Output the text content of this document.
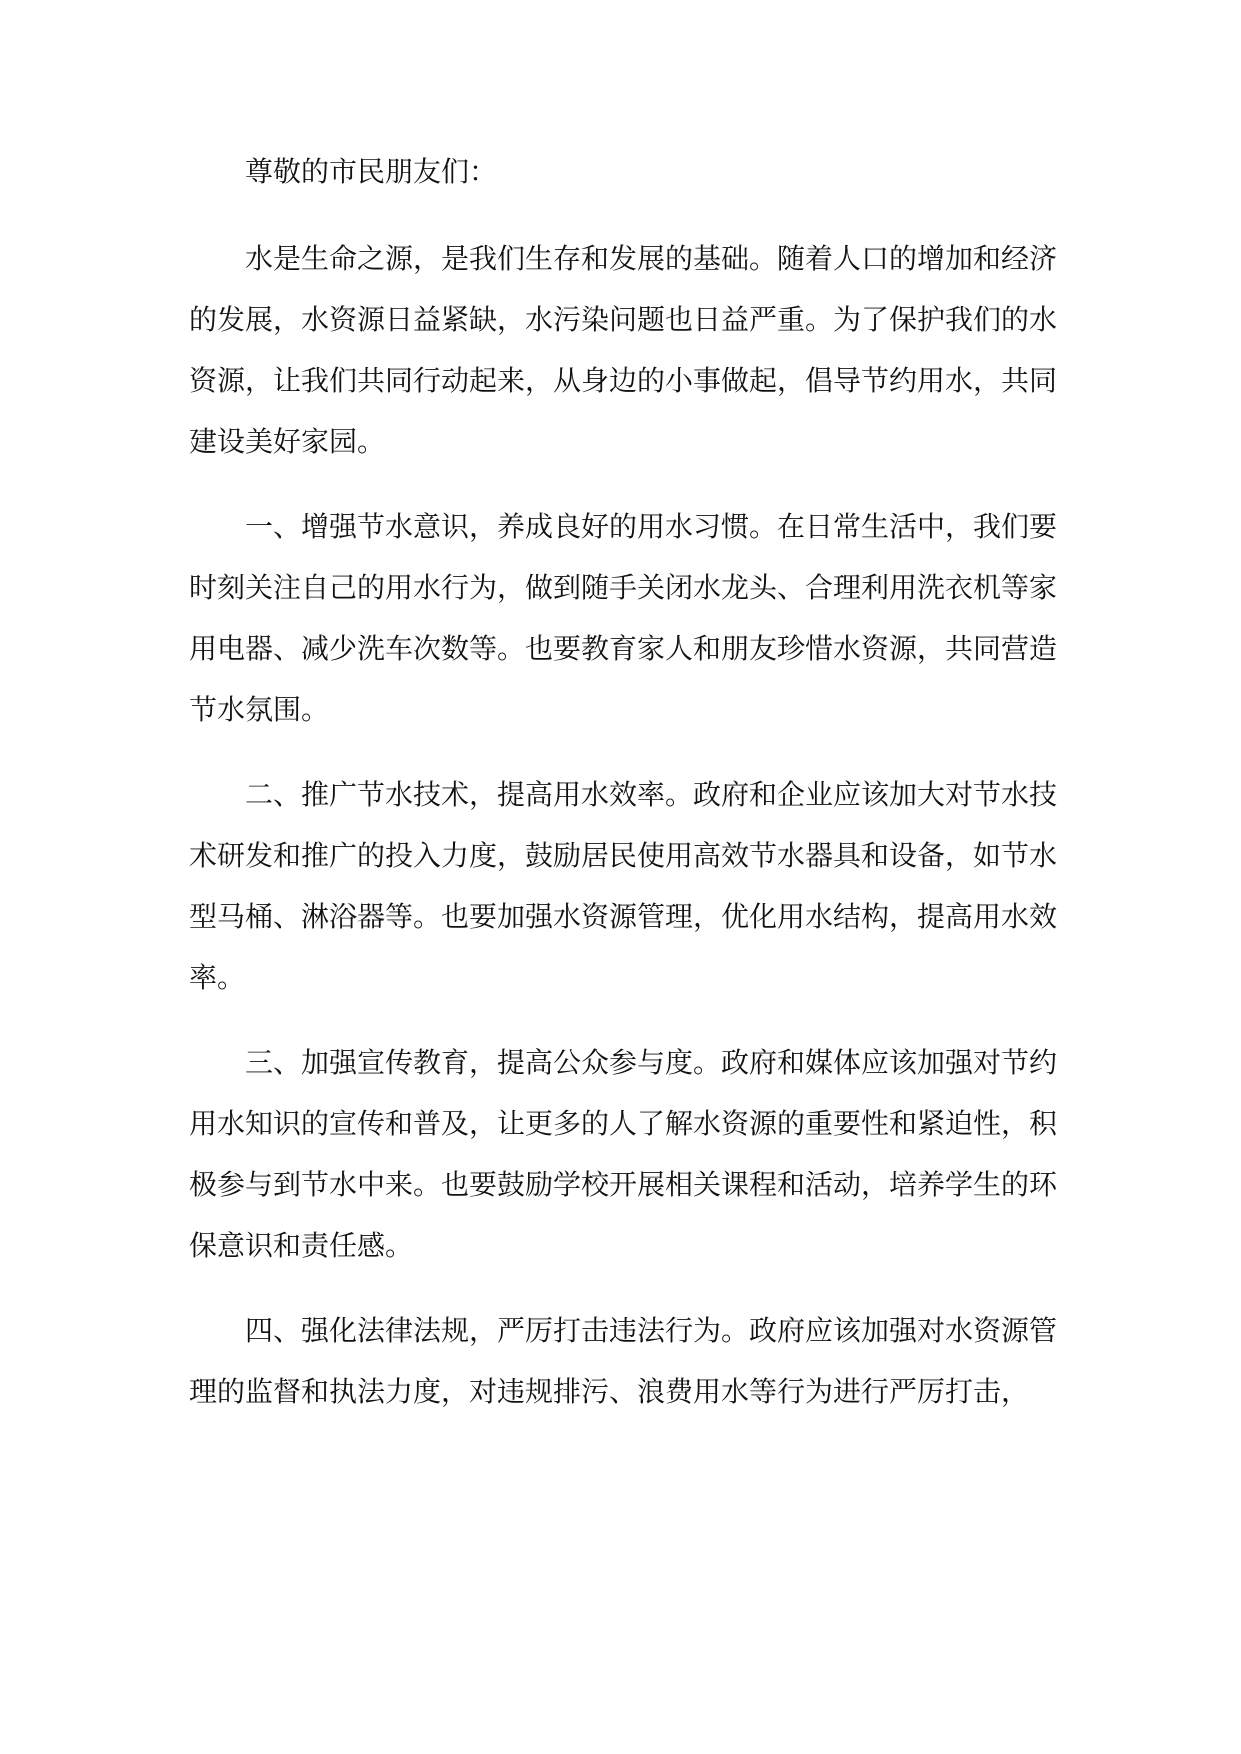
尊敬的市民朋友们：

水是生命之源，是我们生存和发展的基础。随着人口的增加和经济的发展，水资源日益紧缺，水污染问题也日益严重。为了保护我们的水资源，让我们共同行动起来，从身边的小事做起，倡导节约用水，共同建设美好家园。

一、增强节水意识，养成良好的用水习惯。在日常生活中，我们要时刻关注自己的用水行为，做到随手关闭水龙头、合理利用洗衣机等家用电器、减少洗车次数等。也要教育家人和朋友珍惜水资源，共同营造节水氛围。

二、推广节水技术，提高用水效率。政府和企业应该加大对节水技术研发和推广的投入力度，鼓励居民使用高效节水器具和设备，如节水型马桶、淋浴器等。也要加强水资源管理，优化用水结构，提高用水效率。

三、加强宣传教育，提高公众参与度。政府和媒体应该加强对节约用水知识的宣传和普及，让更多的人了解水资源的重要性和紧迫性，积极参与到节水中来。也要鼓励学校开展相关课程和活动，培养学生的环保意识和责任感。

四、强化法律法规，严厉打击违法行为。政府应该加强对水资源管理的监督和执法力度，对违规排污、浪费用水等行为进行严厉打击，
